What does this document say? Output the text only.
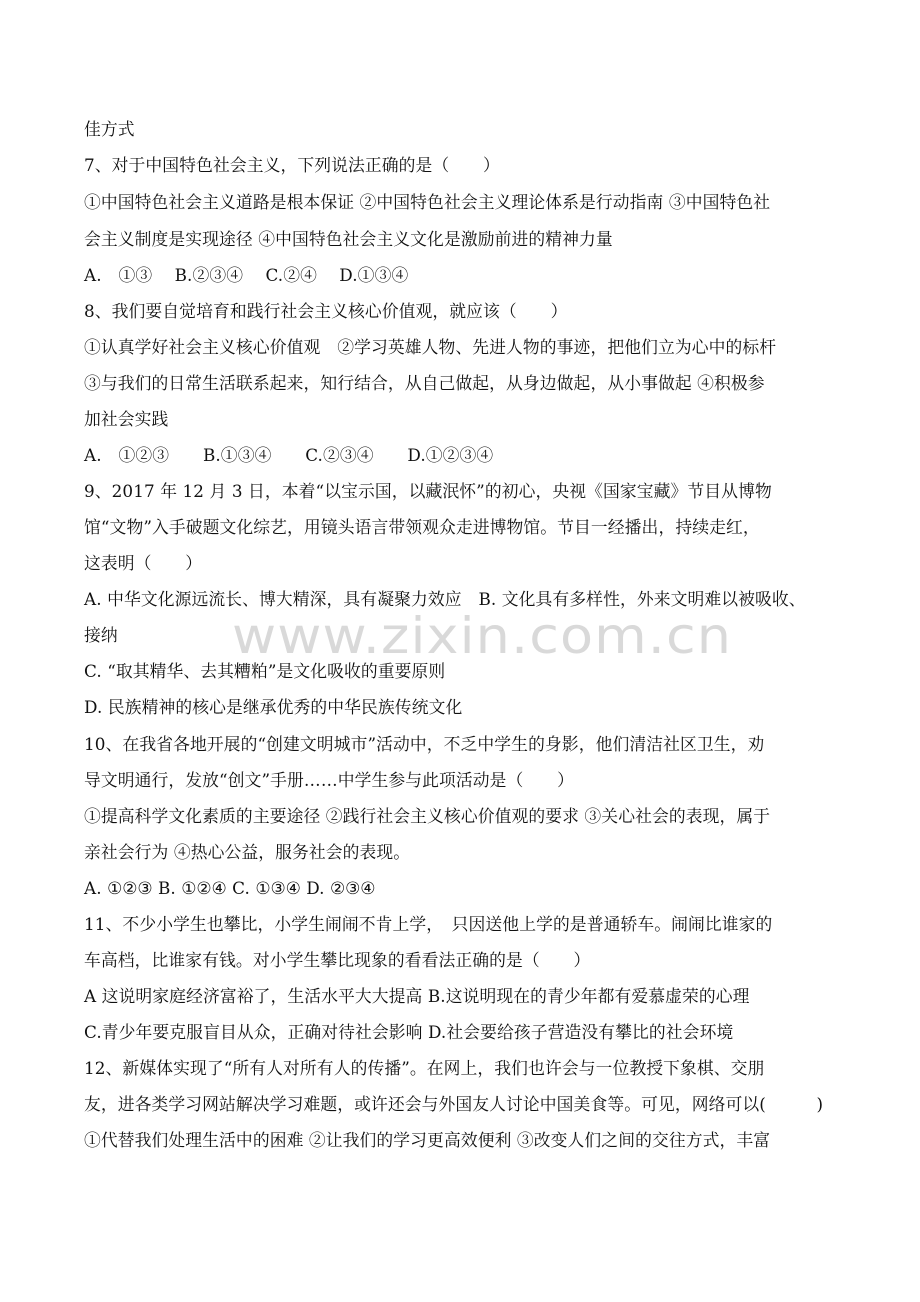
www.zixin.com.cn
佳方式
7、对于中国特色社会主义，下列说法正确的是（　　）
①中国特色社会主义道路是根本保证 ②中国特色社会主义理论体系是行动指南 ③中国特色社
会主义制度是实现途径 ④中国特色社会主义文化是激励前进的精神力量
A.　①③　 B.②③④　 C.②④　 D.①③④
8、我们要自觉培育和践行社会主义核心价值观，就应该（　　）
①认真学好社会主义核心价值观　②学习英雄人物、先进人物的事迹，把他们立为心中的标杆
③与我们的日常生活联系起来，知行结合，从自己做起，从身边做起，从小事做起 ④积极参
加社会实践
A.　①②③　　B.①③④　　C.②③④　　D.①②③④
9、2017 年 12 月 3 日，本着“以宝示国，以藏泯怀”的初心，央视《国家宝藏》节目从博物
馆“文物”入手破题文化综艺，用镜头语言带领观众走进博物馆。节目一经播出，持续走红，
这表明（　　）
A. 中华文化源远流长、博大精深，具有凝聚力效应　B. 文化具有多样性，外来文明难以被吸收、
接纳
C. “取其精华、去其糟粕”是文化吸收的重要原则
D. 民族精神的核心是继承优秀的中华民族传统文化
10、在我省各地开展的“创建文明城市”活动中，不乏中学生的身影，他们清洁社区卫生，劝
导文明通行，发放“创文”手册……中学生参与此项活动是（　　）
①提高科学文化素质的主要途径 ②践行社会主义核心价值观的要求 ③关心社会的表现，属于
亲社会行为 ④热心公益，服务社会的表现。
A. ①②③ B. ①②④ C. ①③④ D. ②③④
11、不少小学生也攀比，小学生闹闹不肯上学，　只因送他上学的是普通轿车。闹闹比谁家的
车高档，比谁家有钱。对小学生攀比现象的看看法正确的是（　　）
A 这说明家庭经济富裕了，生活水平大大提高 B.这说明现在的青少年都有爱慕虚荣的心理
C.青少年要克服盲目从众，正确对待社会影响 D.社会要给孩子营造没有攀比的社会环境
12、新媒体实现了“所有人对所有人的传播”。在网上，我们也许会与一位教授下象棋、交朋
友，进各类学习网站解决学习难题，或许还会与外国友人讨论中国美食等。可见，网络可以(　　　)
①代替我们处理生活中的困难 ②让我们的学习更高效便利 ③改变人们之间的交往方式，丰富
